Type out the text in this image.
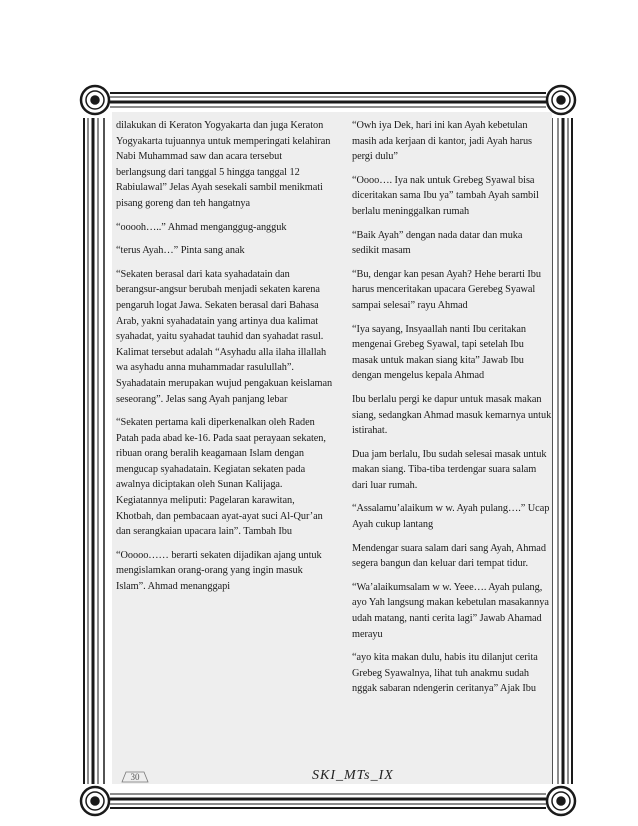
dilakukan di Keraton Yogyakarta dan juga Keraton Yogyakarta tujuannya untuk memperingati kelahiran Nabi Muhammad saw dan acara tersebut berlangsung dari tanggal 5 hingga tanggal 12 Rabiulawal” Jelas Ayah sesekali sambil menikmati pisang goreng dan teh hangatnya

“ooooh…..” Ahmad menganggug-angguk

“terus Ayah…” Pinta sang anak

“Sekaten berasal dari kata syahadatain dan berangsur-angsur berubah menjadi sekaten karena pengaruh logat Jawa. Sekaten berasal dari Bahasa Arab, yakni syahadatain yang artinya dua kalimat syahadat, yaitu syahadat tauhid dan syahadat rasul. Kalimat tersebut adalah “Asyhadu alla ilaha illallah wa asyhadu anna muhammadar rasulullah”. Syahadatain merupakan wujud pengakuan keislaman seseorang”. Jelas sang Ayah panjang lebar

“Sekaten pertama kali diperkenalkan oleh Raden Patah pada abad ke-16. Pada saat perayaan sekaten, ribuan orang beralih keagamaan Islam dengan mengucap syahadatain. Kegiatan sekaten pada awalnya diciptakan oleh Sunan Kalijaga. Kegiatannya meliputi: Pagelaran karawitan, Khotbah, dan pembacaan ayat-ayat suci Al-Qur’an dan serangkaian upacara lain”. Tambah Ibu

“Ooooo…… berarti sekaten dijadikan ajang untuk mengislamkan orang-orang yang ingin masuk Islam”. Ahmad menanggapi

“Owh iya Dek, hari ini kan Ayah kebetulan masih ada kerjaan di kantor, jadi Ayah harus pergi dulu”

“Oooo…. Iya nak untuk Grebeg Syawal bisa diceritakan sama Ibu ya” tambah Ayah sambil berlalu meninggalkan rumah

“Baik Ayah” dengan nada datar dan muka sedikit masam

“Bu, dengar kan pesan Ayah? Hehe berarti Ibu harus menceritakan upacara Gerebeg Syawal sampai selesai” rayu Ahmad

“Iya sayang, Insyaallah nanti Ibu ceritakan mengenai Grebeg Syawal, tapi setelah Ibu masak untuk makan siang kita” Jawab Ibu dengan mengelus kepala Ahmad

Ibu berlalu pergi ke dapur untuk masak makan siang, sedangkan Ahmad masuk kemarnya untuk istirahat.

Dua jam berlalu, Ibu sudah selesai masak untuk makan siang. Tiba-tiba terdengar suara salam dari luar rumah.

“Assalamu’alaikum w w. Ayah pulang….” Ucap Ayah cukup lantang

Mendengar suara salam dari sang Ayah, Ahmad segera bangun dan keluar dari tempat tidur.

“Wa’alaikumsalam w w. Yeee…. Ayah pulang, ayo Yah langsung makan kebetulan masakannya udah matang, nanti cerita lagi” Jawab Ahamad merayu

“ayo kita makan dulu, habis itu dilanjut cerita Grebeg Syawalnya, lihat tuh anakmu sudah nggak sabaran ndengerin ceritanya” Ajak Ibu

30	SKI_MTs_IX
